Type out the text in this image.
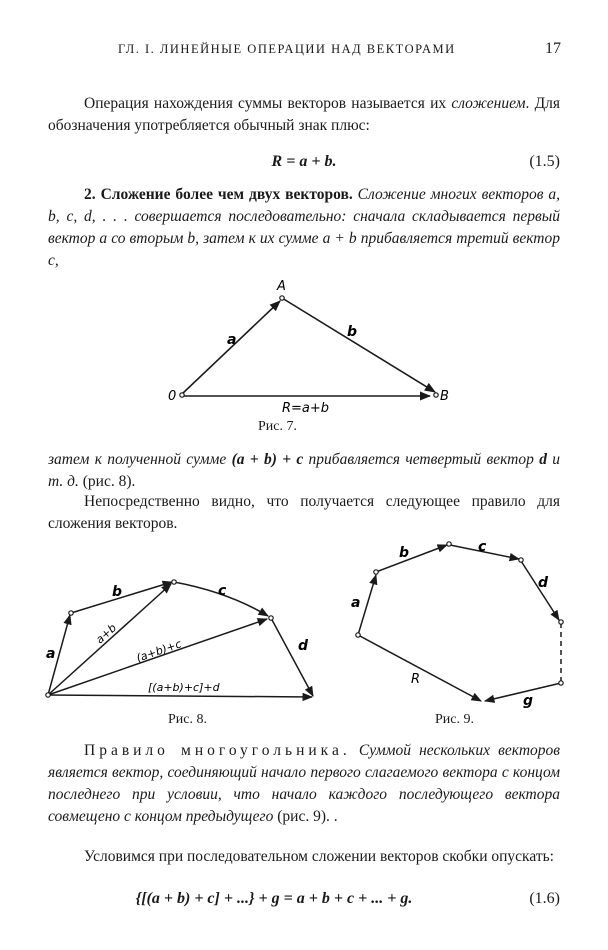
ГЛ. I. ЛИНЕЙНЫЕ ОПЕРАЦИИ НАД ВЕКТОРАМИ	17
Операция нахождения суммы векторов называется их сложением. Для обозначения употребляется обычный знак плюс:
R = a + b.	(1.5)
2. Сложение более чем двух векторов. Сложение многих векторов a, b, c, d, . . . совершается последовательно: сначала складывается первый вектор a со вторым b, затем к их сумме a + b прибавляется третий вектор c,
A
0	B
a	b
R=a+b
Рис. 7.
затем к полученной сумме (a + b) + c прибавляется четвертый вектор d и т. д. (рис. 8).
Непосредственно видно, что получается следующее правило для сложения векторов.
a
b	c
d
a+b
(a+b)+c
[(a+b)+c]+d
Рис. 8.
a
b	c
d
g
R
Рис. 9.
Правило многоугольника. Суммой нескольких векторов является вектор, соединяющий начало первого слагаемого вектора с концом последнего при условии, что начало каждого последующего вектора совмещено с концом предыдущего (рис. 9). .
Условимся при последовательном сложении векторов скобки опускать:
{[(a + b) + c] + ...} + g = a + b + c + ... + g.	(1.6)
